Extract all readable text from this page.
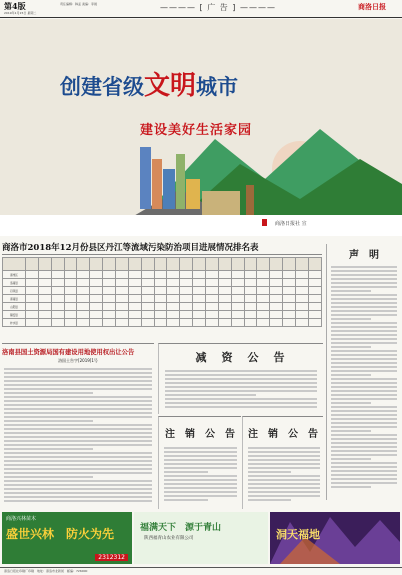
第4版
2019年1月15日 星期二
责任编辑：韩孟 美编：李晨	———— [ 广 告 ] ————	商洛日报
创建省级文明城市
建设美好生活家园
商洛日报社 宣
商洛市2018年12月份县区丹江等流域污染防治项目进展情况排名表

商州区																							
洛南县																							
丹凤县																							
商南县																							
山阳县																							
镇安县																							
柞水县																							
声　明
洛南县国土资源局国有建设用地使用权出让公告
洛国土告字[2019]1号	减　资　公　告
注　销　公　告	注　销　公　告
商洛兴林苗木
盛世兴林　防火为先
2312312
福满天下　源于青山
陕西福青山农业有限公司	洞天福地
商洛日报社印刷厂印刷　地址：商洛市北新街　邮编：726000
